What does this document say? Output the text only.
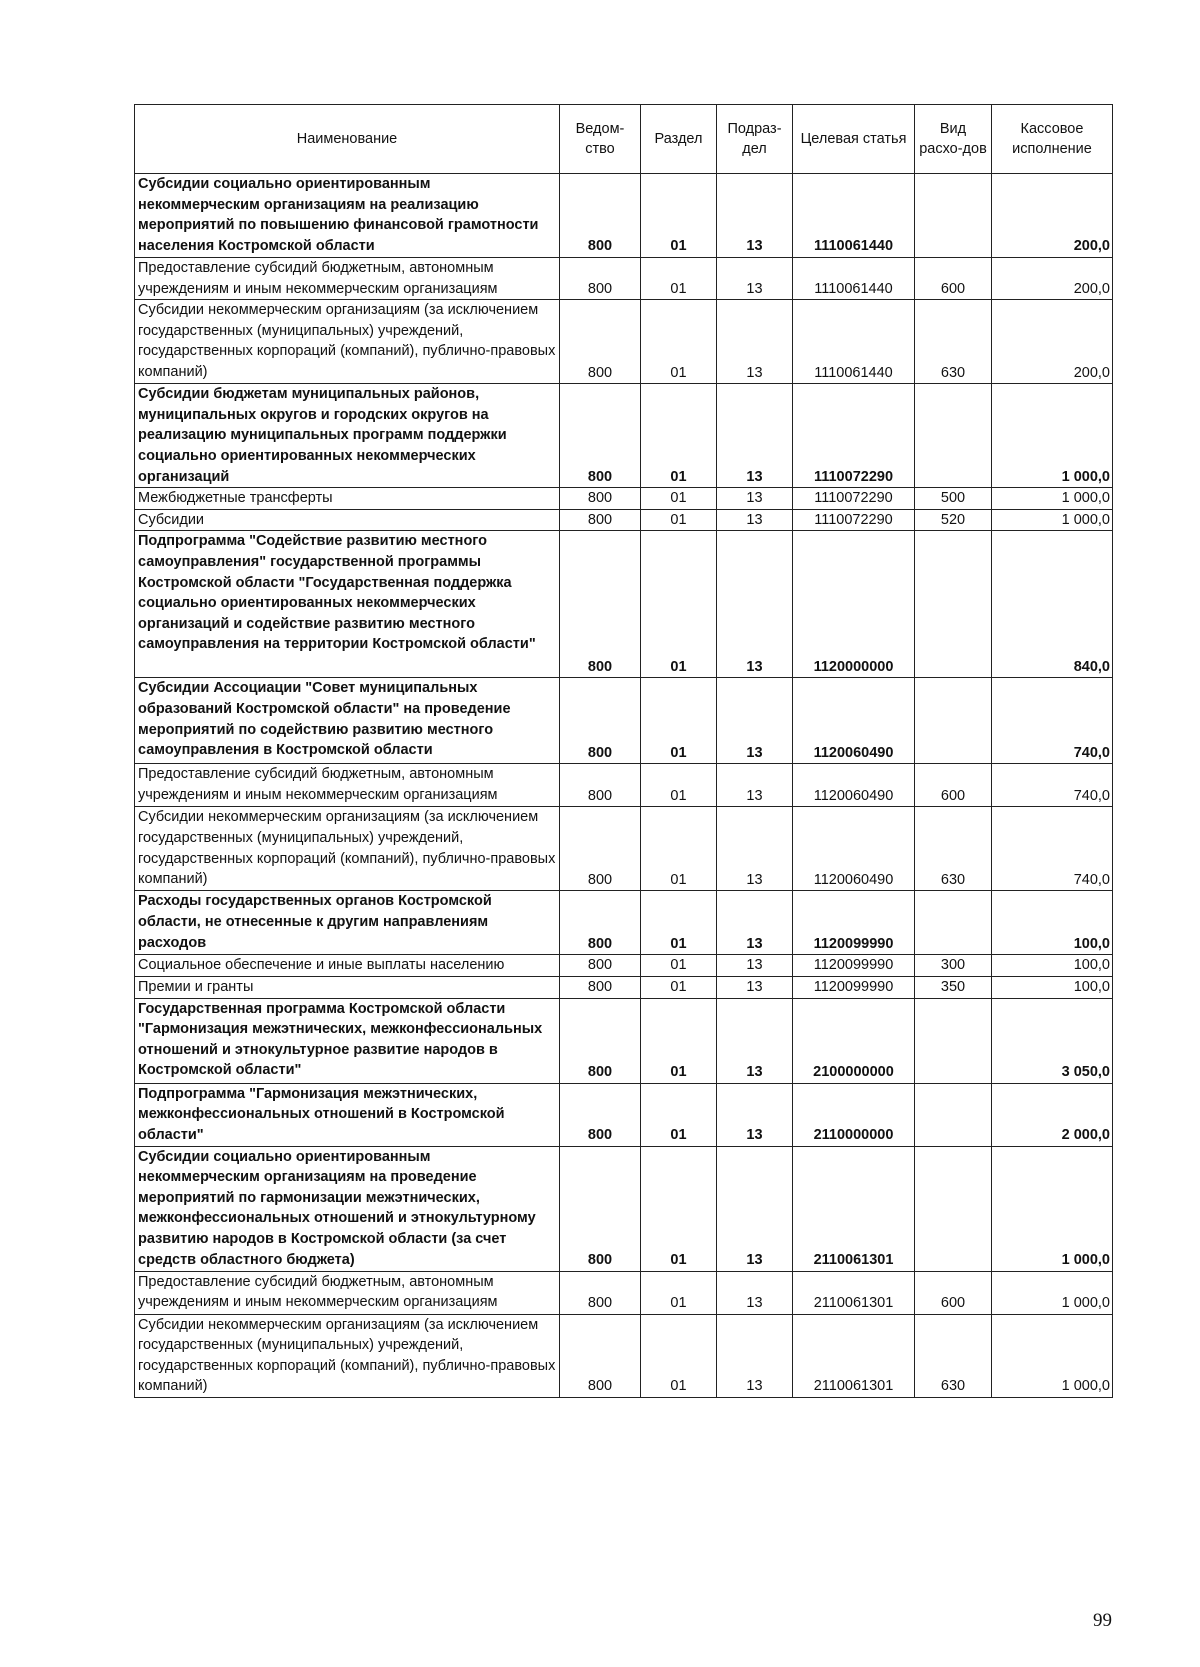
Наименование	Ведом-ство	Раздел	Подраз-дел	Целевая статья	Вид расхо-дов	Кассовое исполнение
Субсидии социально ориентированным некоммерческим организациям на реализацию мероприятий по повышению финансовой грамотности населения Костромской области	800	01	13	1110061440		200,0
Предоставление субсидий бюджетным, автономным учреждениям и иным некоммерческим организациям	800	01	13	1110061440	600	200,0
Субсидии некоммерческим организациям (за исключением государственных (муниципальных) учреждений, государственных корпораций (компаний), публично-правовых компаний)	800	01	13	1110061440	630	200,0
Субсидии бюджетам муниципальных районов, муниципальных округов и городских округов на реализацию муниципальных программ поддержки социально ориентированных некоммерческих организаций	800	01	13	1110072290		1 000,0
Межбюджетные трансферты	800	01	13	1110072290	500	1 000,0
Субсидии	800	01	13	1110072290	520	1 000,0
Подпрограмма "Содействие развитию местного самоуправления" государственной программы Костромской области "Государственная поддержка социально ориентированных некоммерческих организаций и содействие развитию местного самоуправления на территории Костромской области"	800	01	13	1120000000		840,0
Субсидии Ассоциации "Совет муниципальных образований Костромской области" на проведение мероприятий по содействию развитию местного самоуправления в Костромской области	800	01	13	1120060490		740,0
Предоставление субсидий бюджетным, автономным учреждениям и иным некоммерческим организациям	800	01	13	1120060490	600	740,0
Субсидии некоммерческим организациям (за исключением государственных (муниципальных) учреждений, государственных корпораций (компаний), публично-правовых компаний)	800	01	13	1120060490	630	740,0
Расходы государственных органов Костромской области, не отнесенные к другим направлениям расходов	800	01	13	1120099990		100,0
Социальное обеспечение и иные выплаты населению	800	01	13	1120099990	300	100,0
Премии и гранты	800	01	13	1120099990	350	100,0
Государственная программа Костромской области "Гармонизация межэтнических, межконфессиональных отношений и этнокультурное развитие народов в Костромской области"	800	01	13	2100000000		3 050,0
Подпрограмма "Гармонизация межэтнических, межконфессиональных отношений в Костромской области"	800	01	13	2110000000		2 000,0
Субсидии социально ориентированным некоммерческим организациям на проведение мероприятий по гармонизации межэтнических, межконфессиональных отношений и этнокультурному развитию народов в Костромской области (за счет средств областного бюджета)	800	01	13	2110061301		1 000,0
Предоставление субсидий бюджетным, автономным учреждениям и иным некоммерческим организациям	800	01	13	2110061301	600	1 000,0
Субсидии некоммерческим организациям (за исключением государственных (муниципальных) учреждений, государственных корпораций (компаний), публично-правовых компаний)	800	01	13	2110061301	630	1 000,0
99
